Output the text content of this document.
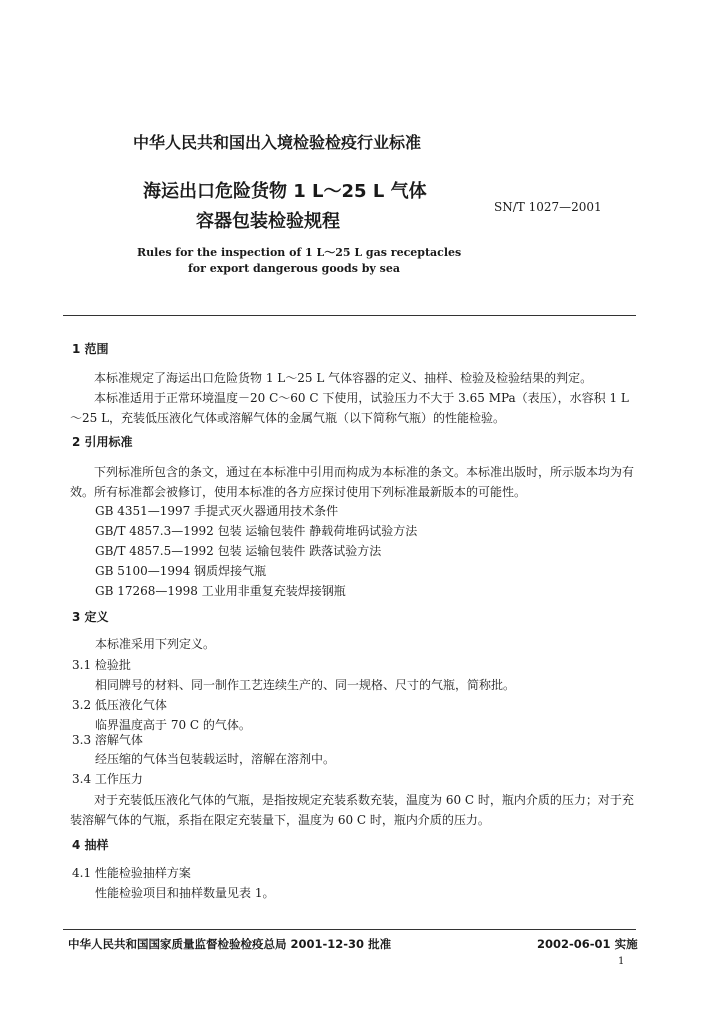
中华人民共和国出入境检验检疫行业标准
海运出口危险货物 1 L～25 L 气体
容器包装检验规程
SN/T 1027—2001
Rules for the inspection of 1 L～25 L gas receptacles
for export dangerous goods by sea
1 范围
本标准规定了海运出口危险货物 1 L～25 L 气体容器的定义、抽样、检验及检验结果的判定。
本标准适用于正常环境温度－20 C～60 C 下使用，试验压力不大于 3.65 MPa（表压），水容积 1 L～25 L，充装低压液化气体或溶解气体的金属气瓶（以下简称气瓶）的性能检验。
2 引用标准
下列标准所包含的条文，通过在本标准中引用而构成为本标准的条文。本标准出版时，所示版本均为有效。所有标准都会被修订，使用本标准的各方应探讨使用下列标准最新版本的可能性。
GB 4351—1997 手提式灭火器通用技术条件
GB/T 4857.3—1992 包装 运输包装件 静载荷堆码试验方法
GB/T 4857.5—1992 包装 运输包装件 跌落试验方法
GB 5100—1994 钢质焊接气瓶
GB 17268—1998 工业用非重复充装焊接钢瓶
3 定义
本标准采用下列定义。
3.1 检验批
相同牌号的材料、同一制作工艺连续生产的、同一规格、尺寸的气瓶，简称批。
3.2 低压液化气体
临界温度高于 70 C 的气体。
3.3 溶解气体
经压缩的气体当包装载运时，溶解在溶剂中。
3.4 工作压力
对于充装低压液化气体的气瓶，是指按规定充装系数充装，温度为 60 C 时，瓶内介质的压力；对于充装溶解气体的气瓶，系指在限定充装量下，温度为 60 C 时，瓶内介质的压力。
4 抽样
4.1 性能检验抽样方案
性能检验项目和抽样数量见表 1。
中华人民共和国国家质量监督检验检疫总局 2001-12-30 批准	2002-06-01 实施
1
